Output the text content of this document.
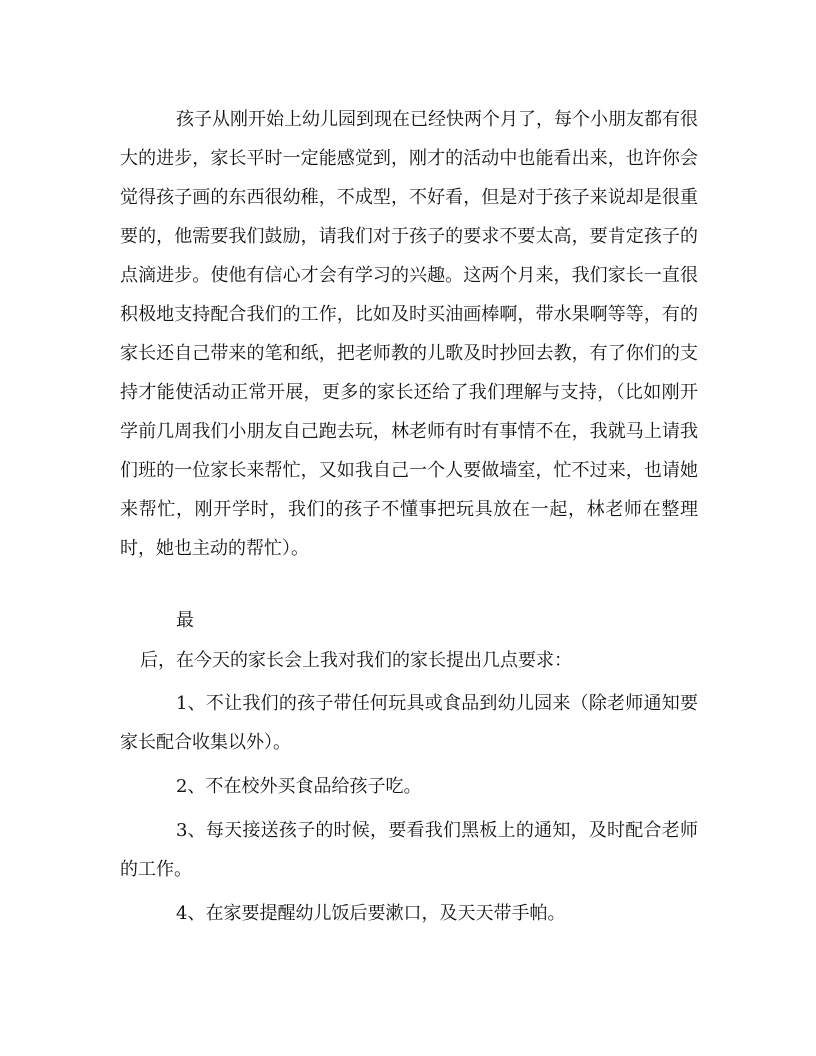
孩子从刚开始上幼儿园到现在已经快两个月了，每个小朋友都有很大的进步，家长平时一定能感觉到，刚才的活动中也能看出来，也许你会觉得孩子画的东西很幼稚，不成型，不好看，但是对于孩子来说却是很重要的，他需要我们鼓励，请我们对于孩子的要求不要太高，要肯定孩子的点滴进步。使他有信心才会有学习的兴趣。这两个月来，我们家长一直很积极地支持配合我们的工作，比如及时买油画棒啊，带水果啊等等，有的家长还自己带来的笔和纸，把老师教的儿歌及时抄回去教，有了你们的支持才能使活动正常开展，更多的家长还给了我们理解与支持，（比如刚开学前几周我们小朋友自己跑去玩，林老师有时有事情不在，我就马上请我们班的一位家长来帮忙，又如我自己一个人要做墙室，忙不过来，也请她来帮忙，刚开学时，我们的孩子不懂事把玩具放在一起，林老师在整理时，她也主动的帮忙）。

最
后，在今天的家长会上我对我们的家长提出几点要求：

1、不让我们的孩子带任何玩具或食品到幼儿园来（除老师通知要家长配合收集以外）。

2、不在校外买食品给孩子吃。

3、每天接送孩子的时候，要看我们黑板上的通知，及时配合老师的工作。

4、在家要提醒幼儿饭后要漱口，及天天带手帕。
